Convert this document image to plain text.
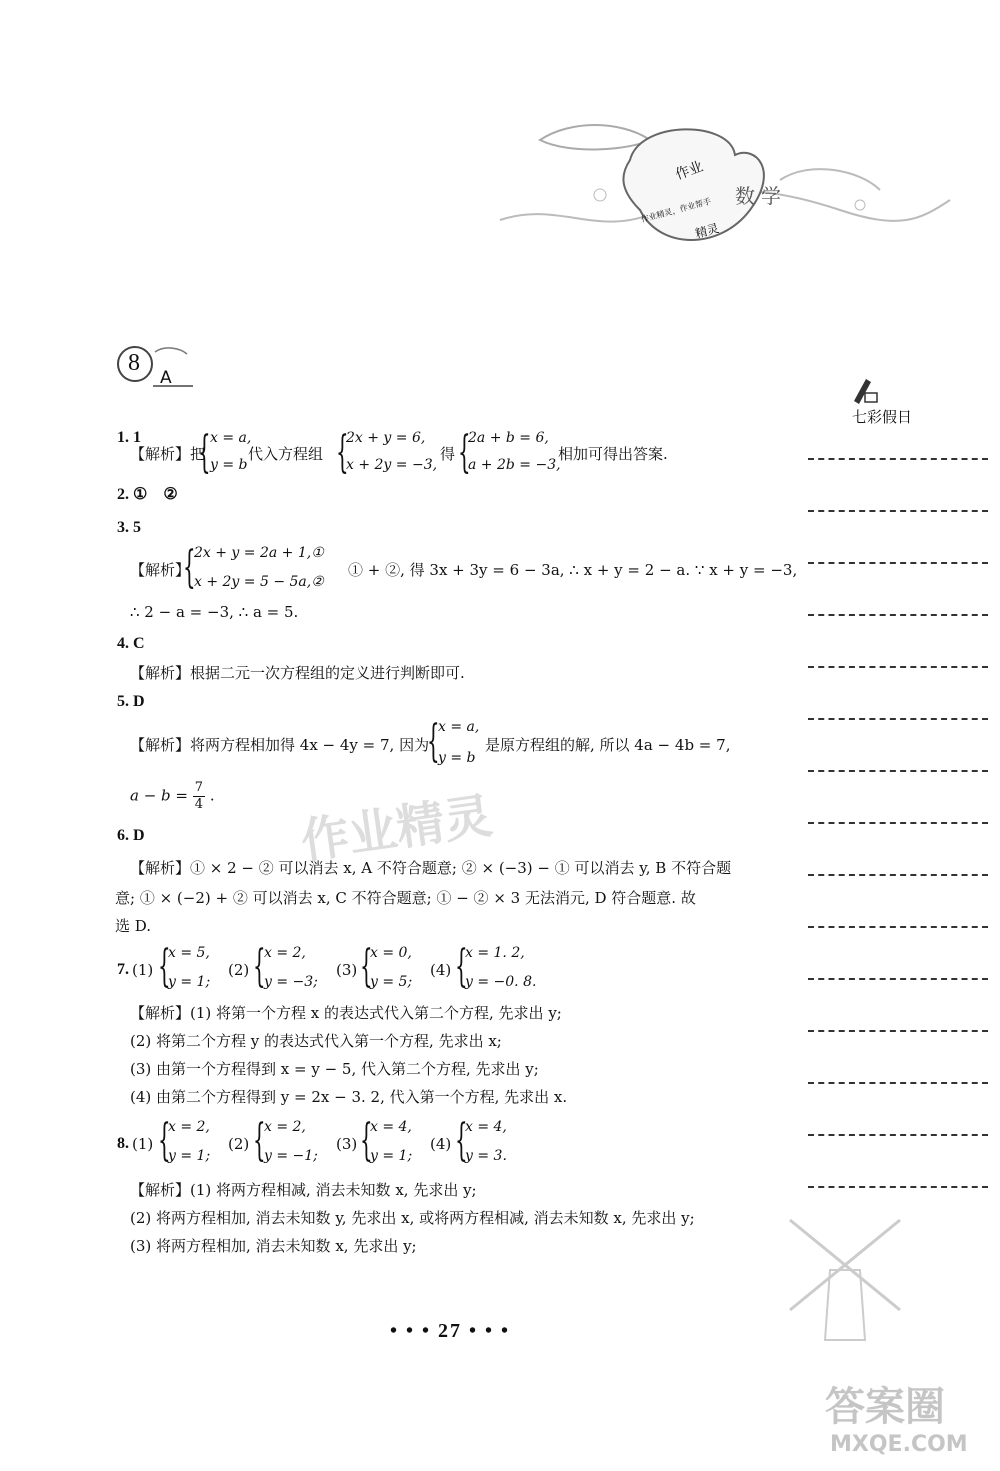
作业
作业精灵，作业帮手
精灵
数学
8
A
七彩假日
1. 1
【解析】把
{ x = a,
y = b
代入方程组 {
2x + y = 6,
x + 2y = −3,
得 {
2a + b = 6,
a + 2b = −3,
相加可得出答案.
2. ①　②
3. 5
【解析】
{
2x + y = 2a + 1,①
x + 2y = 5 − 5a,②
① + ②, 得 3x + 3y = 6 − 3a, ∴ x + y = 2 − a. ∵ x + y = −3,
∴ 2 − a = −3, ∴ a = 5.
4. C
【解析】根据二元一次方程组的定义进行判断即可.
5. D
【解析】将两方程相加得 4x − 4y = 7, 因为
{
x = a,
y = b
是原方程组的解, 所以 4a − 4b = 7,
$a - b = \frac{7}{4}$ . 作业精灵
6. D
【解析】① × 2 − ② 可以消去 x, A 不符合题意; ② × (−3) − ① 可以消去 y, B 不符合题
意; ① × (−2) + ② 可以消去 x, C 不符合题意; ① − ② × 3 无法消元, D 符合题意. 故
选 D.
7. (1) {
x = 5,
y = 1;
(2) {
x = 2,
y = −3;
(3) {
x = 0,
y = 5;
(4) {
x = 1. 2,
y = −0. 8.
【解析】(1) 将第一个方程 x 的表达式代入第二个方程, 先求出 y;
(2) 将第二个方程 y 的表达式代入第一个方程, 先求出 x;
(3) 由第一个方程得到 x = y − 5, 代入第二个方程, 先求出 y;
(4) 由第二个方程得到 y = 2x − 3. 2, 代入第一个方程, 先求出 x.
8. (1) {
x = 2,
y = 1;
(2) {
x = 2,
y = −1;
(3) {
x = 4,
y = 1;
(4) {
x = 4,
y = 3.
【解析】(1) 将两方程相减, 消去未知数 x, 先求出 y;
(2) 将两方程相加, 消去未知数 y, 先求出 x, 或将两方程相减, 消去未知数 x, 先求出 y;
(3) 将两方程相加, 消去未知数 x, 先求出 y;
• • • 27 • • •
答案圈
MXQE.COM
